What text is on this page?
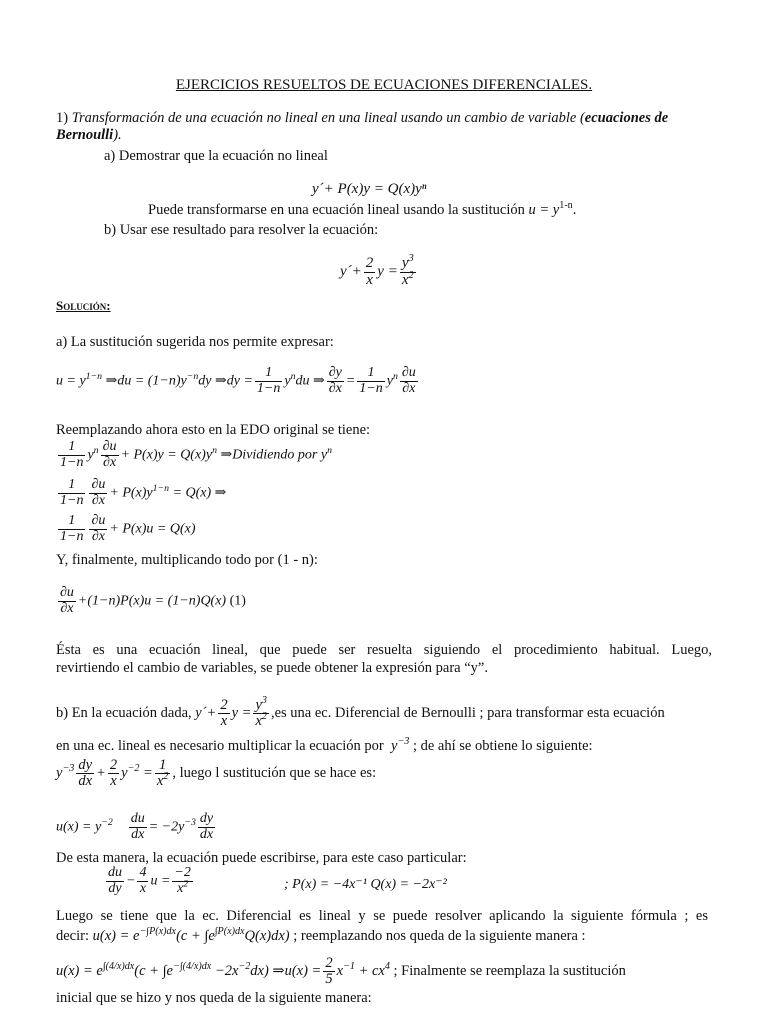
EJERCICIOS RESUELTOS DE ECUACIONES DIFERENCIALES.
1) Transformación de una ecuación no lineal en una lineal usando un cambio de variable (ecuaciones de
Bernoulli).
a) Demostrar que la ecuación no lineal
y´+ P(x)y = Q(x)yⁿ
Puede transformarse en una ecuación lineal usando la sustitución $u = y^{1-n}$.
b) Usar ese resultado para resolver la ecuación:
y´+ $\frac{2}{x}$ $y = \frac{y^3}{x^2}$
Solución:
a) La sustitución sugerida nos permite expresar:
$u = y^{1-n}$ ⇒du = $(1-n)y^{-n}dy$ ⇒dy = $\frac{1}{1-n} y^ndu$ ⇒ $\frac{\partial y}{\partial x} = \frac{1}{1-n} y^n \frac{\partial u}{\partial x}$
Reemplazando ahora esto en la EDO original se tiene:
$\frac{1}{1-n} y^n \frac{\partial u}{\partial x} + P(x)y = Q(x)y^n$ ⇒Dividiendo por $y^n$
$\frac{1}{1-n} \frac{\partial u}{\partial x} + P(x)y^{1-n} = Q(x)$ ⇒
$\frac{1}{1-n} \frac{\partial u}{\partial x} + P(x)u = Q(x)$
Y, finalmente, multiplicando todo por (1 - n):
$\frac{\partial u}{\partial x} +(1-n)P(x)u = (1-n)Q(x)$ (1)
Ésta es una ecuación lineal, que puede ser resuelta siguiendo el procedimiento habitual. Luego,
revirtiendo el cambio de variables, se puede obtener la expresión para “y”.
b) En la ecuación dada, y´+ $\frac{2}{x}$ $y = \frac{y^3}{x^2} ,es$ una ec. Diferencial de Bernoulli ; para transformar esta ecuación
en una ec. lineal es necesario multiplicar la ecuación por  $y^{-3}$ ; de ahí se obtiene lo siguiente:
$y^{-3} \frac{dy}{dx} + \frac{2}{x} y^{-2} = \frac{1}{x^2}$ , luego l sustitución que se hace es:
$u(x) = y^{-2} \frac{du}{dx} = -2y^{-3} \frac{dy}{dx}$
De esta manera, la ecuación puede escribirse, para este caso particular:
$\frac{du}{dy} - \frac{4}{x}$ $u = \frac{-2}{x^2}$	; P(x) = −4x⁻¹ Q(x) = −2x⁻²
Luego se tiene que la ec. Diferencial es lineal y se puede resolver aplicando la siguiente fórmula ; es
decir: $u(x) = e^{-\int P(x)dx}(c + \int e^{\int P(x)dx}Q(x)dx)$ ; reemplazando nos queda de la siguiente manera :
$u(x) = e^{\int(4/x)dx}(c + \int e^{-\int(4/x)dx} -2x^{-2}dx)$ ⇒u(x) = $\frac{2}{5} x^{-1} + cx^4$ ; Finalmente se reemplaza la sustitución
inicial que se hizo y nos queda de la siguiente manera:
